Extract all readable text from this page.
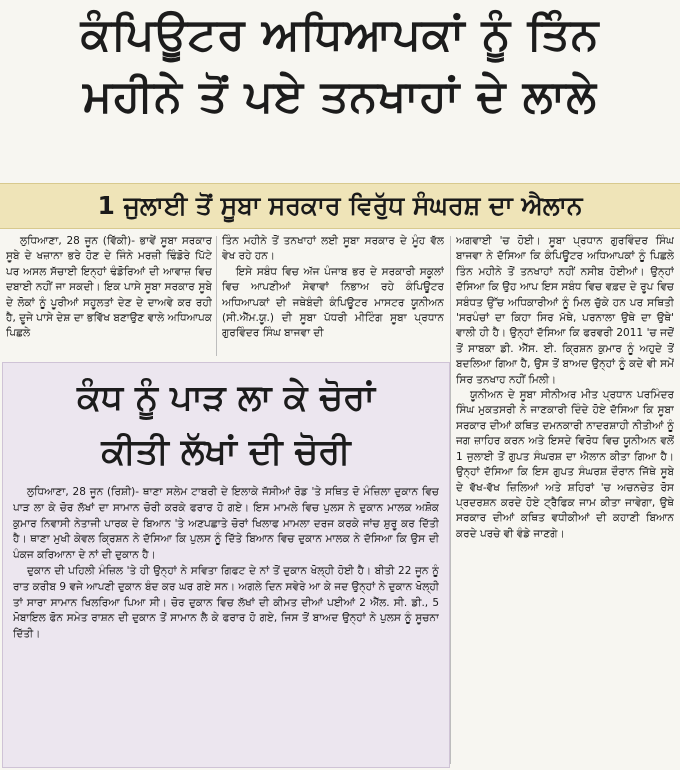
ਕੰਪਿਊਟਰ ਅਧਿਆਪਕਾਂ ਨੂੰ ਤਿੰਨ
ਮਹੀਨੇ ਤੋਂ ਪਏ ਤਨਖਾਹਾਂ ਦੇ ਲਾਲੇ
1 ਜੁਲਾਈ ਤੋਂ ਸੂਬਾ ਸਰਕਾਰ ਵਿਰੁੱਧ ਸੰਘਰਸ਼ ਦਾ ਐਲਾਨ

ਲੁਧਿਆਣਾ, 28 ਜੂਨ (ਵਿੱਕੀ)- ਭਾਵੇਂ ਸੂਬਾ ਸਰਕਾਰ ਸੂਬੇ ਦੇ ਖਜ਼ਾਨਾ ਭਰੇ ਹੋਣ ਦੇ ਜਿੰਨੇ ਮਰਜ਼ੀ ਢਿੰਡੋਰੇ ਪਿੱਟੇ ਪਰ ਅਸਲ ਸੱਚਾਈ ਇਨ੍ਹਾਂ ਢੰਡੋਰਿਆਂ ਦੀ ਆਵਾਜ਼ ਵਿਚ ਦਬਾਈ ਨਹੀਂ ਜਾ ਸਕਦੀ। ਇਕ ਪਾਸੇ ਸੂਬਾ ਸਰਕਾਰ ਸੂਬੇ ਦੇ ਲੋਕਾਂ ਨੂੰ ਪੂਰੀਆਂ ਸਹੂਲਤਾਂ ਦੇਣ ਦੇ ਦਾਅਵੇ ਕਰ ਰਹੀ ਹੈ, ਦੂਜੇ ਪਾਸੇ ਦੇਸ਼ ਦਾ ਭਵਿੱਖ ਬਣਾਉਣ ਵਾਲੇ ਅਧਿਆਪਕ ਪਿਛਲੇ

ਤਿੰਨ ਮਹੀਨੇ ਤੋਂ ਤਨਖਾਹਾਂ ਲਈ ਸੂਬਾ ਸਰਕਾਰ ਦੇ ਮੂੰਹ ਵੱਲ ਵੇਖ ਰਹੇ ਹਨ।

ਇਸੇ ਸਬੰਧ ਵਿਚ ਅੱਜ ਪੰਜਾਬ ਭਰ ਦੇ ਸਰਕਾਰੀ ਸਕੂਲਾਂ ਵਿਚ ਆਪਣੀਆਂ ਸੇਵਾਵਾਂ ਨਿਭਾਅ ਰਹੇ ਕੰਪਿਊਟਰ ਅਧਿਆਪਕਾਂ ਦੀ ਜਥੇਬੰਦੀ ਕੰਪਿਊਟਰ ਮਾਸਟਰ ਯੂਨੀਅਨ (ਸੀ.ਐੱਮ.ਯੂ.) ਦੀ ਸੂਬਾ ਪੱਧਰੀ ਮੀਟਿੰਗ ਸੂਬਾ ਪ੍ਰਧਾਨ ਗੁਰਵਿੰਦਰ ਸਿੰਘ ਬਾਜਵਾ ਦੀ

ਅਗਵਾਈ 'ਚ ਹੋਈ। ਸੂਬਾ ਪ੍ਰਧਾਨ ਗੁਰਵਿੰਦਰ ਸਿੰਘ ਬਾਜਵਾ ਨੇ ਦੱਸਿਆ ਕਿ ਕੰਪਿਊਟਰ ਅਧਿਆਪਕਾਂ ਨੂੰ ਪਿਛਲੇ ਤਿੰਨ ਮਹੀਨੇ ਤੋਂ ਤਨਖਾਹਾਂ ਨਹੀਂ ਨਸੀਬ ਹੋਈਆਂ। ਉਨ੍ਹਾਂ ਦੱਸਿਆ ਕਿ ਉਹ ਆਪ ਇਸ ਸਬੰਧ ਵਿਚ ਵਫ਼ਦ ਦੇ ਰੂਪ ਵਿਚ ਸਬੰਧਤ ਉੱਚ ਅਧਿਕਾਰੀਆਂ ਨੂੰ ਮਿਲ ਚੁੱਕੇ ਹਨ ਪਰ ਸਥਿਤੀ 'ਸਰਪੰਚਾਂ ਦਾ ਕਿਹਾ ਸਿਰ ਮੱਥੇ, ਪਰਨਾਲਾ ਉਥੇ ਦਾ ਉਥੇ' ਵਾਲੀ ਹੀ ਹੈ। ਉਨ੍ਹਾਂ ਦੱਸਿਆ ਕਿ ਫਰਵਰੀ 2011 'ਚ ਜਦੋਂ ਤੋਂ ਸਾਬਕਾ ਡੀ. ਐੱਸ. ਈ. ਕ੍ਰਿਸ਼ਨ ਕੁਮਾਰ ਨੂੰ ਅਹੁਦੇ ਤੋਂ ਬਦਲਿਆ ਗਿਆ ਹੈ, ਉਸ ਤੋਂ ਬਾਅਦ ਉਨ੍ਹਾਂ ਨੂੰ ਕਦੇ ਵੀ ਸਮੇਂ ਸਿਰ ਤਨਖਾਹ ਨਹੀਂ ਮਿਲੀ।

ਯੂਨੀਅਨ ਦੇ ਸੂਬਾ ਸੀਨੀਅਰ ਮੀਤ ਪ੍ਰਧਾਨ ਪਰਮਿੰਦਰ ਸਿੰਘ ਮੁਕਤਸਰੀ ਨੇ ਜਾਣਕਾਰੀ ਦਿੰਦੇ ਹੋਏ ਦੱਸਿਆ ਕਿ ਸੂਬਾ ਸਰਕਾਰ ਦੀਆਂ ਕਥਿਤ ਦਮਨਕਾਰੀ ਨਾਦਰਸ਼ਾਹੀ ਨੀਤੀਆਂ ਨੂੰ ਜਗ ਜ਼ਾਹਿਰ ਕਰਨ ਅਤੇ ਇਸਦੇ ਵਿਰੋਧ ਵਿਚ ਯੂਨੀਅਨ ਵਲੋਂ 1 ਜੁਲਾਈ ਤੋਂ ਗੁਪਤ ਸੰਘਰਸ਼ ਦਾ ਐਲਾਨ ਕੀਤਾ ਗਿਆ ਹੈ। ਉਨ੍ਹਾਂ ਦੱਸਿਆ ਕਿ ਇਸ ਗੁਪਤ ਸੰਘਰਸ਼ ਦੌਰਾਨ ਜਿੱਥੇ ਸੂਬੇ ਦੇ ਵੱਖ-ਵੱਖ ਜ਼ਿਲਿਆਂ ਅਤੇ ਸ਼ਹਿਰਾਂ 'ਚ ਅਚਨਚੇਤ ਰੋਸ ਪ੍ਰਦਰਸ਼ਨ ਕਰਦੇ ਹੋਏ ਟ੍ਰੈਫਿਕ ਜਾਮ ਕੀਤਾ ਜਾਵੇਗਾ, ਉਥੇ ਸਰਕਾਰ ਦੀਆਂ ਕਥਿਤ ਵਧੀਕੀਆਂ ਦੀ ਕਹਾਣੀ ਬਿਆਨ ਕਰਦੇ ਪਰਚੇ ਵੀ ਵੰਡੇ ਜਾਣਗੇ।

ਕੰਧ ਨੂੰ ਪਾੜ ਲਾ ਕੇ ਚੋਰਾਂ
ਕੀਤੀ ਲੱਖਾਂ ਦੀ ਚੋਰੀ

ਲੁਧਿਆਣਾ, 28 ਜੂਨ (ਰਿਸ਼ੀ)- ਥਾਣਾ ਸਲੇਮ ਟਾਬਰੀ ਦੇ ਇਲਾਕੇ ਜੱਸੀਆਂ ਰੋਡ 'ਤੇ ਸਥਿਤ ਦੋ ਮੰਜ਼ਿਲਾ ਦੁਕਾਨ ਵਿਚ ਪਾੜ ਲਾ ਕੇ ਚੋਰ ਲੱਖਾਂ ਦਾ ਸਾਮਾਨ ਚੋਰੀ ਕਰਕੇ ਫਰਾਰ ਹੋ ਗਏ। ਇਸ ਮਾਮਲੇ ਵਿਚ ਪੁਲਸ ਨੇ ਦੁਕਾਨ ਮਾਲਕ ਅਸ਼ੋਕ ਕੁਮਾਰ ਨਿਵਾਸੀ ਨੇਤਾਜੀ ਪਾਰਕ ਦੇ ਬਿਆਨ 'ਤੇ ਅਣਪਛਾਤੇ ਚੋਰਾਂ ਖਿਲਾਫ ਮਾਮਲਾ ਦਰਜ ਕਰਕੇ ਜਾਂਚ ਸ਼ੁਰੂ ਕਰ ਦਿੱਤੀ ਹੈ। ਥਾਣਾ ਮੁਖੀ ਕੇਵਲ ਕ੍ਰਿਸ਼ਨ ਨੇ ਦੱਸਿਆ ਕਿ ਪੁਲਸ ਨੂੰ ਦਿੱਤੇ ਬਿਆਨ ਵਿਚ ਦੁਕਾਨ ਮਾਲਕ ਨੇ ਦੱਸਿਆ ਕਿ ਉਸ ਦੀ ਪੰਕਜ ਕਰਿਆਨਾ ਦੇ ਨਾਂ ਦੀ ਦੁਕਾਨ ਹੈ।

ਦੁਕਾਨ ਦੀ ਪਹਿਲੀ ਮੰਜ਼ਿਲ 'ਤੇ ਹੀ ਉਨ੍ਹਾਂ ਨੇ ਸਵਿਤਾ ਗਿਫਟ ਦੇ ਨਾਂ ਤੋਂ ਦੁਕਾਨ ਖੋਲ੍ਹੀ ਹੋਈ ਹੈ। ਬੀਤੀ 22 ਜੂਨ ਨੂੰ ਰਾਤ ਕਰੀਬ 9 ਵਜੇ ਆਪਣੀ ਦੁਕਾਨ ਬੰਦ ਕਰ ਘਰ ਗਏ ਸਨ। ਅਗਲੇ ਦਿਨ ਸਵੇਰੇ ਆ ਕੇ ਜਦ ਉਨ੍ਹਾਂ ਨੇ ਦੁਕਾਨ ਖੋਲ੍ਹੀ ਤਾਂ ਸਾਰਾ ਸਾਮਾਨ ਖਿਲਰਿਆ ਪਿਆ ਸੀ। ਚੋਰ ਦੁਕਾਨ ਵਿਚ ਲੱਖਾਂ ਦੀ ਕੀਮਤ ਦੀਆਂ ਪਈਆਂ 2 ਐੱਲ. ਸੀ. ਡੀ., 5 ਮੋਬਾਇਲ ਫੋਨ ਸਮੇਤ ਰਾਸ਼ਨ ਦੀ ਦੁਕਾਨ ਤੋਂ ਸਾਮਾਨ ਲੈ ਕੇ ਫਰਾਰ ਹੋ ਗਏ, ਜਿਸ ਤੋਂ ਬਾਅਦ ਉਨ੍ਹਾਂ ਨੇ ਪੁਲਸ ਨੂੰ ਸੂਚਨਾ ਦਿੱਤੀ।
